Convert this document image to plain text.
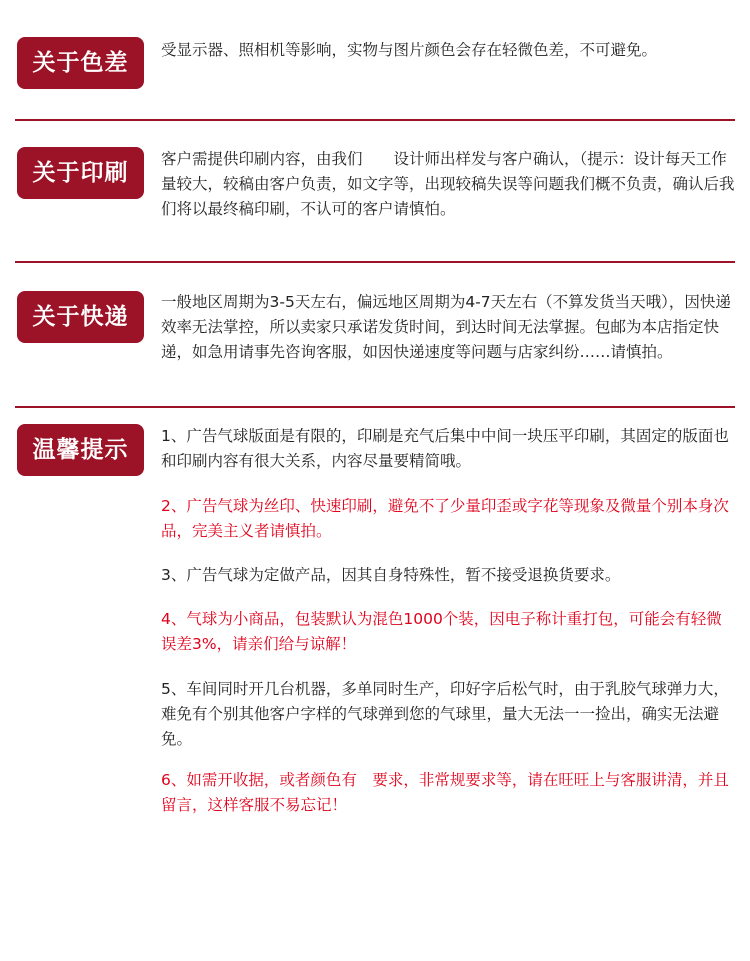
关于色差	受显示器、照相机等影响，实物与图片颜色会存在轻微色差，不可避免。

关于印刷

客户需提供印刷内容，由我们　　设计师出样发与客户确认，（提示：设计每天工作量较大，较稿由客户负责，如文字等，出现较稿失误等问题我们概不负责，确认后我们将以最终稿印刷，不认可的客户请慎怕。

关于快递

一般地区周期为3-5天左右，偏远地区周期为4-7天左右（不算发货当天哦），因快递效率无法掌控，所以卖家只承诺发货时间，到达时间无法掌握。包邮为本店指定快递，如急用请事先咨询客服，如因快递速度等问题与店家纠纷……请慎拍。

温馨提示

1、广告气球版面是有限的，印刷是充气后集中中间一块压平印刷，其固定的版面也和印刷内容有很大关系，内容尽量要精简哦。

2、广告气球为丝印、快速印刷，避免不了少量印歪或字花等现象及微量个别本身次品，完美主义者请慎拍。

3、广告气球为定做产品，因其自身特殊性，暂不接受退换货要求。

4、气球为小商品，包装默认为混色1000个装，因电子称计重打包，可能会有轻微误差3%，请亲们给与谅解！

5、车间同时开几台机器，多单同时生产，印好字后松气时，由于乳胶气球弹力大，难免有个别其他客户字样的气球弹到您的气球里，量大无法一一捡出，确实无法避免。

6、如需开收据，或者颜色有　要求，非常规要求等，请在旺旺上与客服讲清，并且留言，这样客服不易忘记！
